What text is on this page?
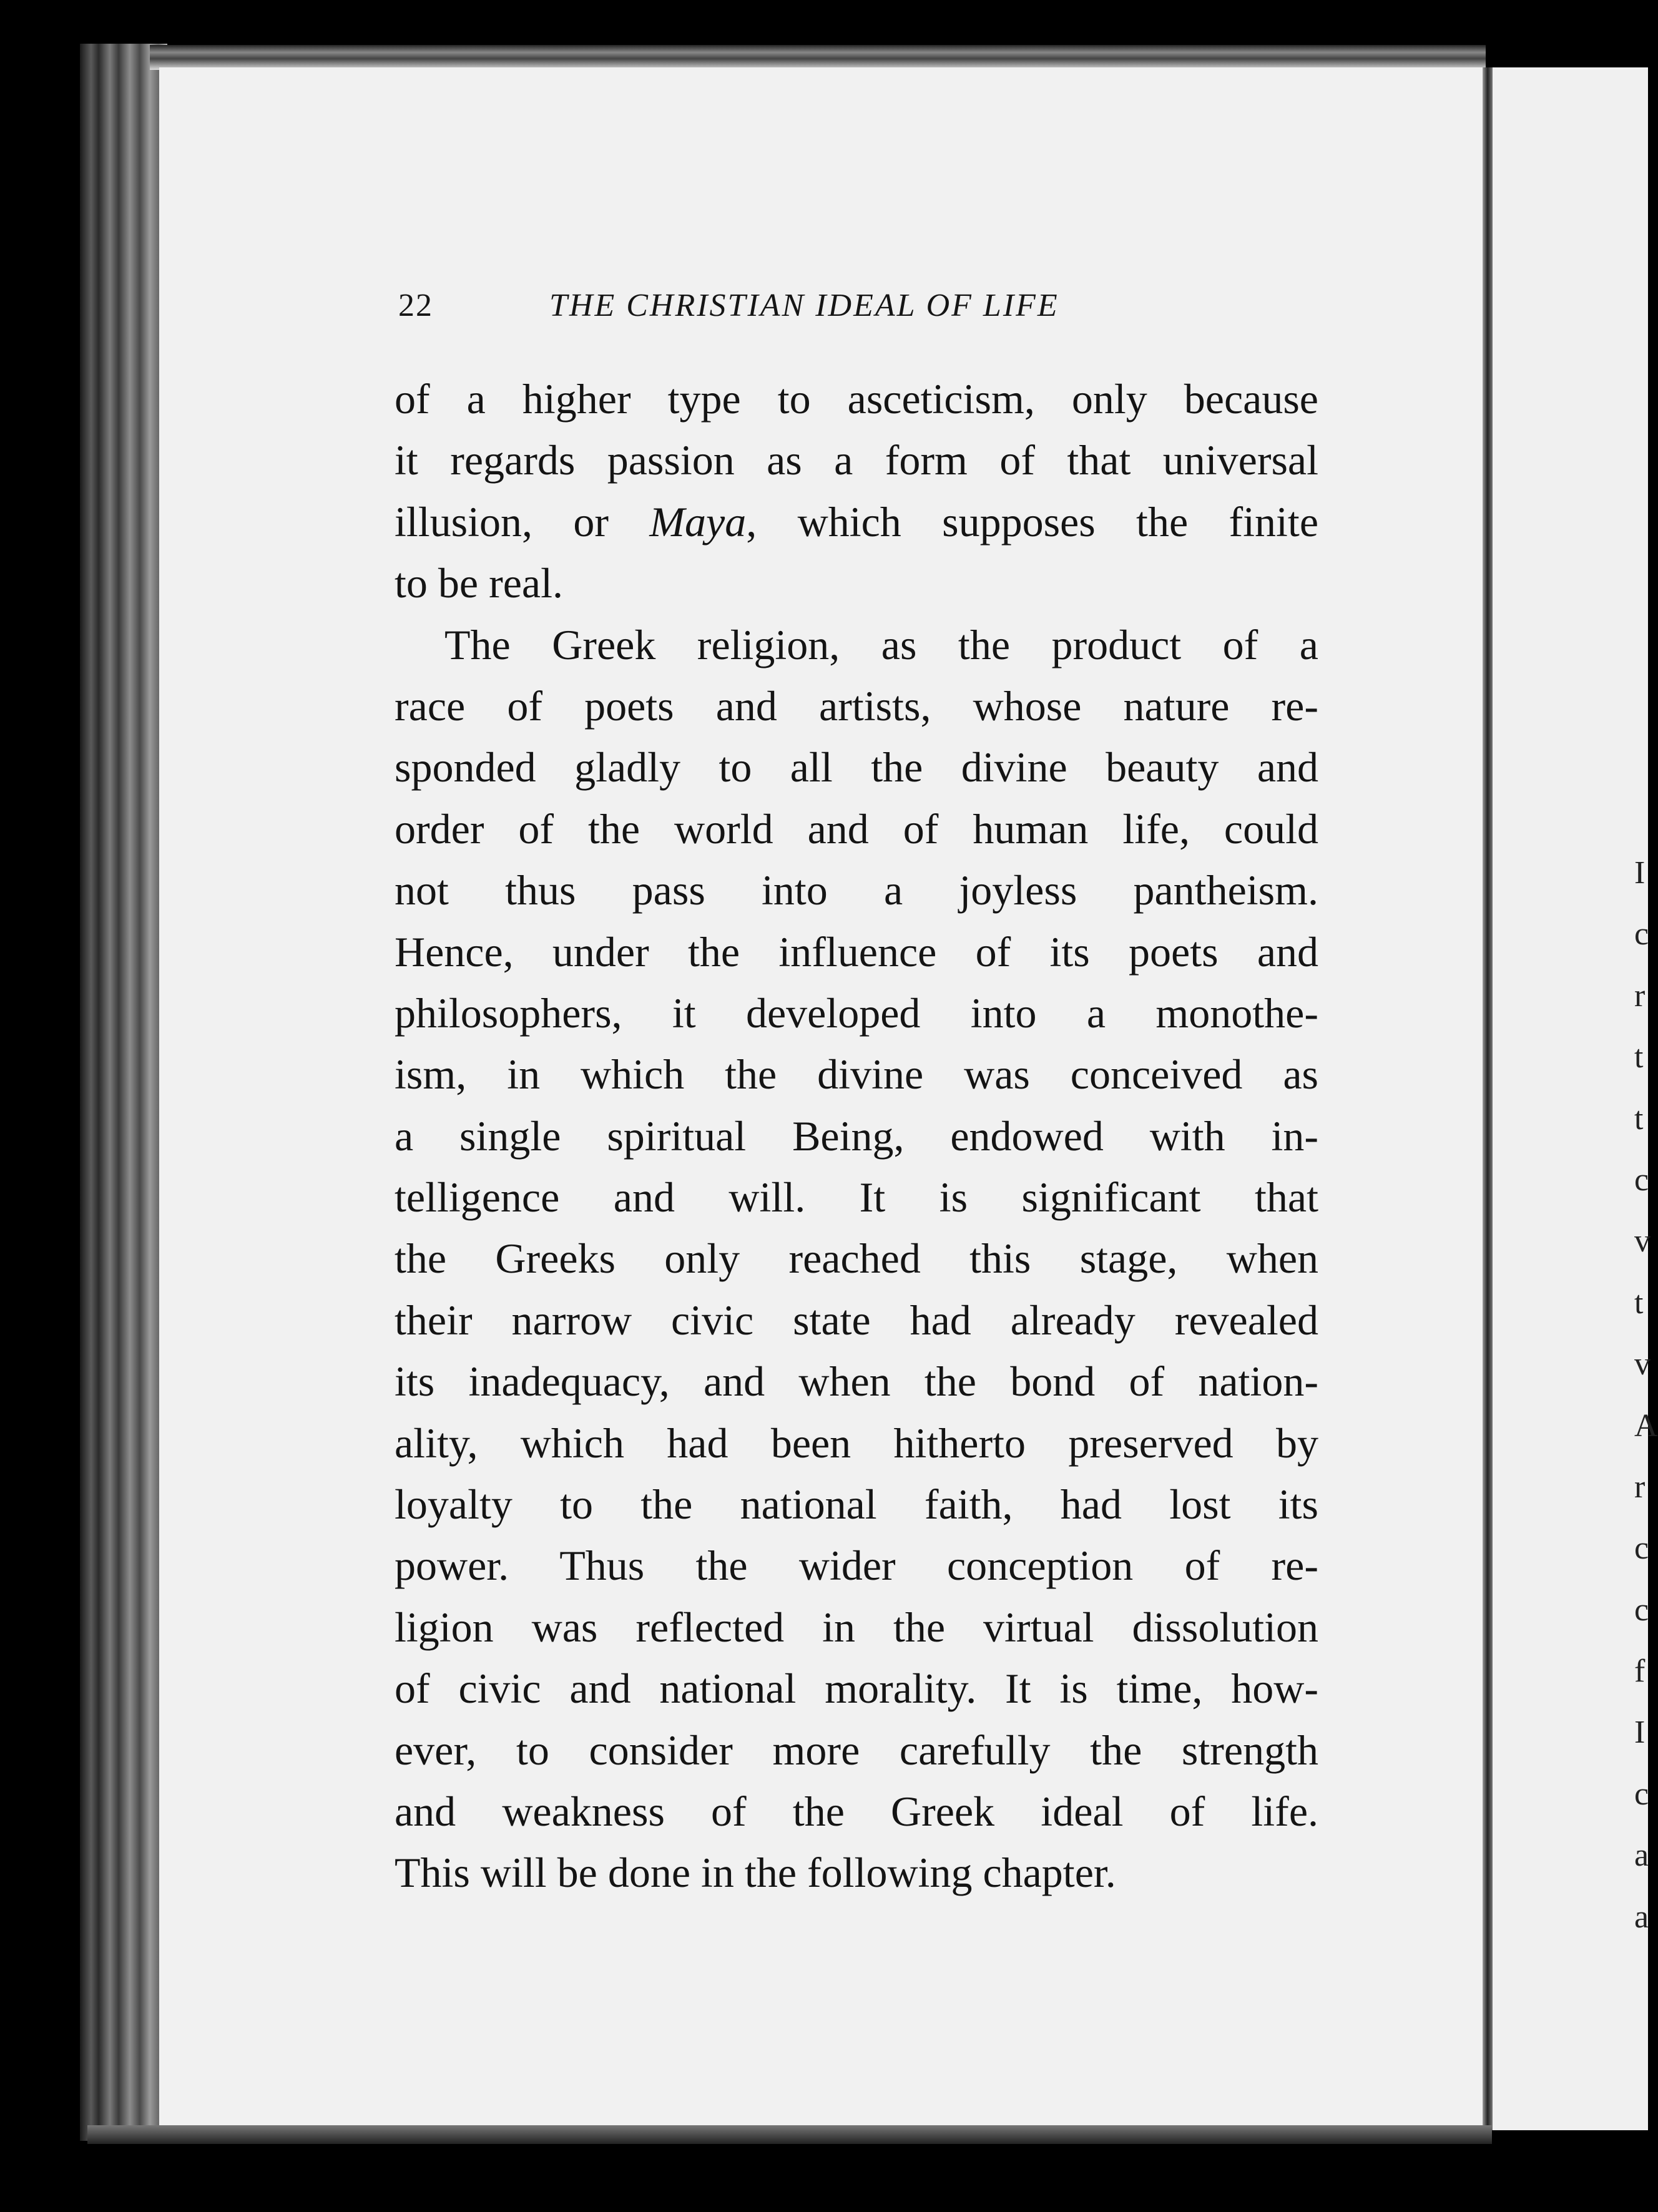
22	THE CHRISTIAN IDEAL OF LIFE
of a higher type to asceticism, only because
it regards passion as a form of that universal
illusion, or Maya, which supposes the finite
to be real.
The Greek religion, as the product of a
race of poets and artists, whose nature re-
sponded gladly to all the divine beauty and
order of the world and of human life, could
not thus pass into a joyless pantheism.
Hence, under the influence of its poets and
philosophers, it developed into a monothe-
ism, in which the divine was conceived as
a single spiritual Being, endowed with in-
telligence and will. It is significant that
the Greeks only reached this stage, when
their narrow civic state had already revealed
its inadequacy, and when the bond of nation-
ality, which had been hitherto preserved by
loyalty to the national faith, had lost its
power. Thus the wider conception of re-
ligion was reflected in the virtual dissolution
of civic and national morality. It is time, how-
ever, to consider more carefully the strength
and weakness of the Greek ideal of life.
This will be done in the following chapter.
I
c
r
t
t
c
v
t
v
A
r
c
c
f
I
c
a
a
